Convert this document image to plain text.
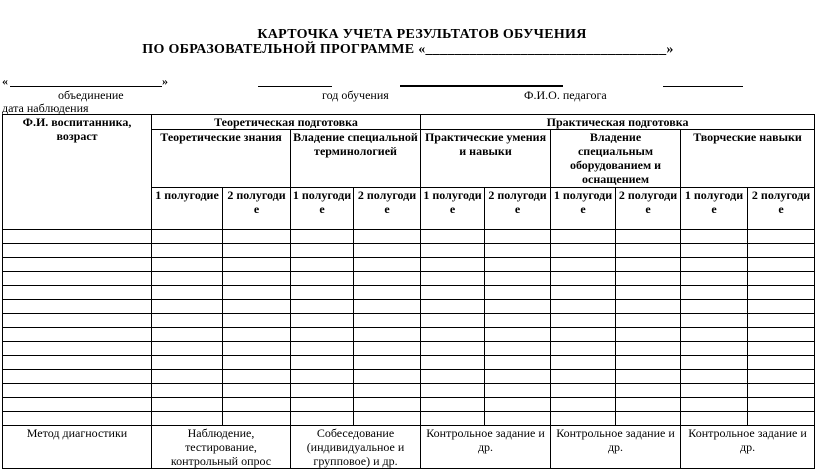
КАРТОЧКА УЧЕТА РЕЗУЛЬТАТОВ ОБУЧЕНИЯ
ПО ОБРАЗОВАТЕЛЬНОЙ ПРОГРАММЕ «_________________________________»
«	»
объединение	год обучения	Ф.И.О. педагога
дата наблюдения
Ф.И. воспитанника, возраст	Теоретическая подготовка				Практическая подготовка					
	Теоретические знания		Владение специальной терминологией		Практические умения и навыки		Владение специальным оборудованием и оснащением		Творческие навыки	
	1 полугодие	2 полугоди е	1 полугоди е	2 полугоди е	1 полугоди е	2 полугоди е	1 полугоди е	2 полугоди е	1 полугоди е	2 полугоди е

Метод диагностики	Наблюдение, тестирование, контрольный опрос		Собеседование (индивидуальное и групповое) и др.		Контрольное задание и др.		Контрольное задание и др.		Контрольное задание и др.	
